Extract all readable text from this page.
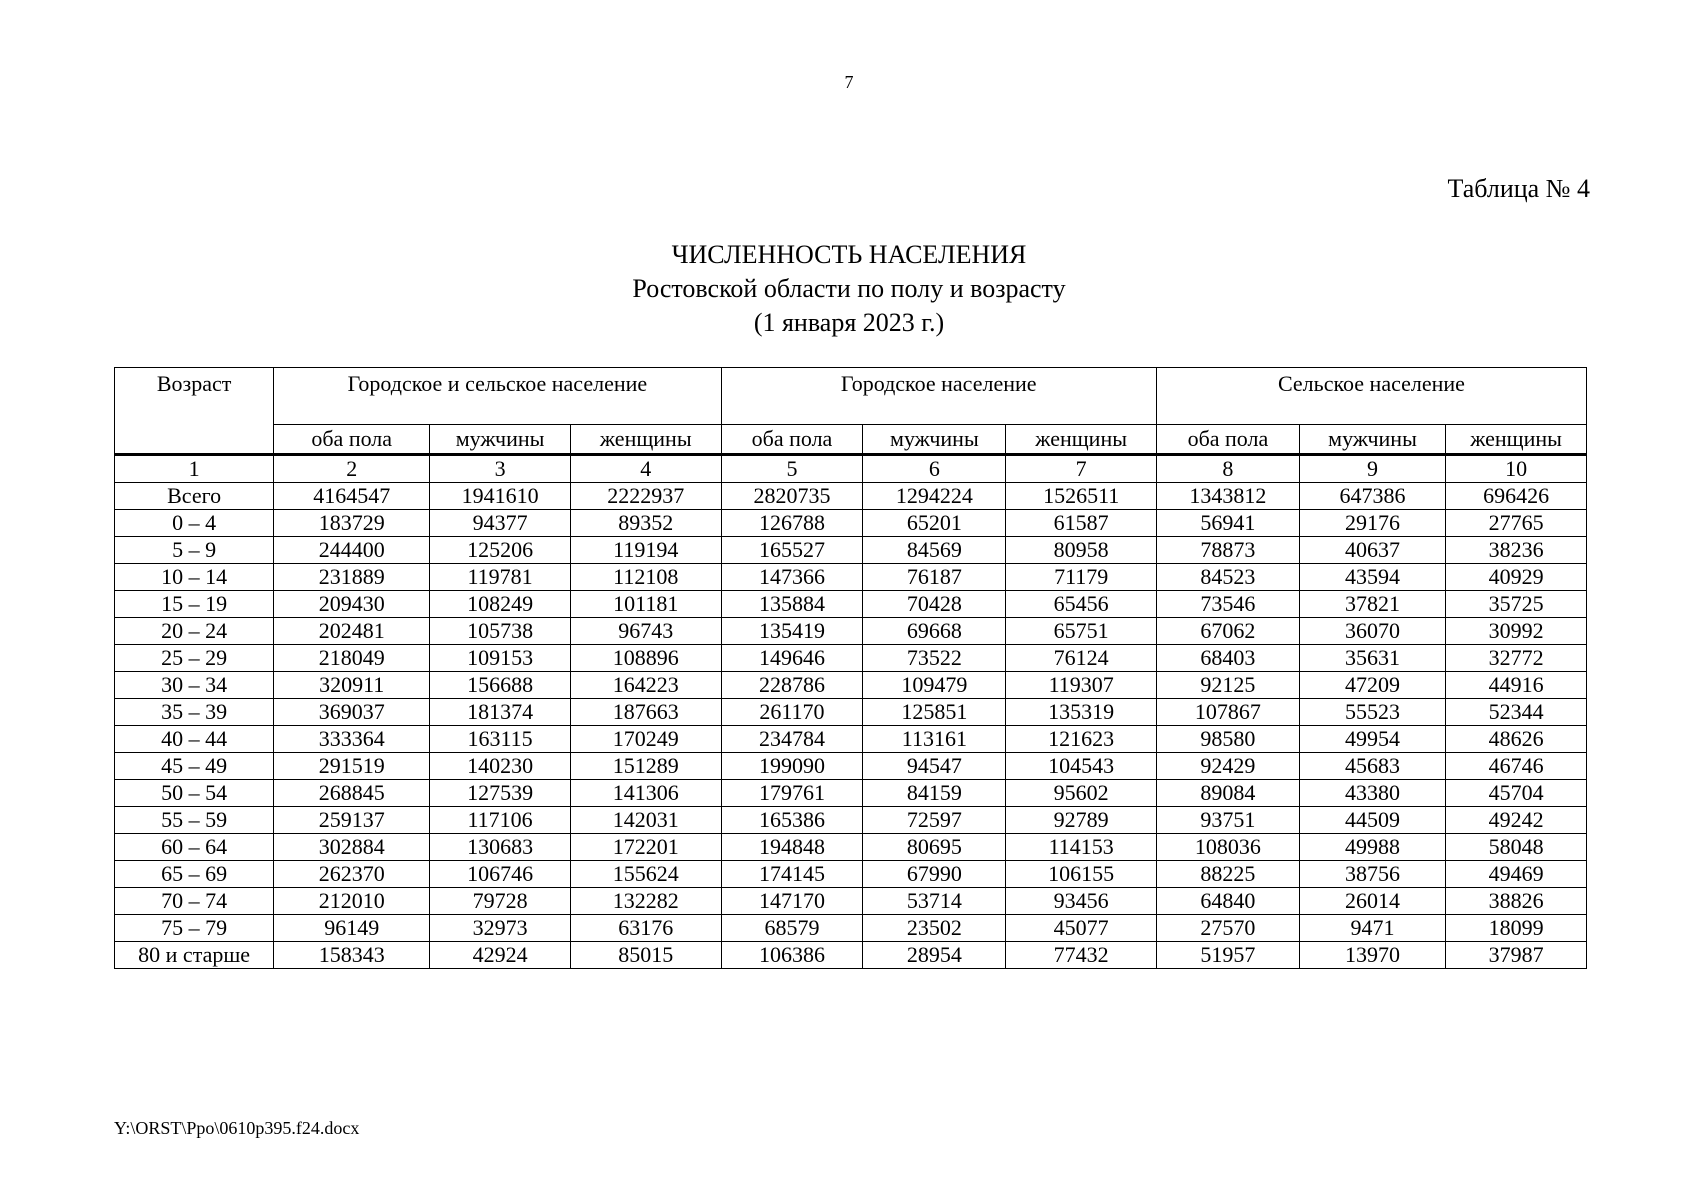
7
Таблица № 4
ЧИСЛЕННОСТЬ НАСЕЛЕНИЯ
Ростовской области по полу и возрасту
(1 января 2023 г.)
Возраст	Городское и сельское население			Городское население			Сельское население		
	оба пола	мужчины	женщины	оба пола	мужчины	женщины	оба пола	мужчины	женщины
1	2	3	4	5	6	7	8	9	10
Всего	4164547	1941610	2222937	2820735	1294224	1526511	1343812	647386	696426
0 – 4	183729	94377	89352	126788	65201	61587	56941	29176	27765
5 – 9	244400	125206	119194	165527	84569	80958	78873	40637	38236
10 – 14	231889	119781	112108	147366	76187	71179	84523	43594	40929
15 – 19	209430	108249	101181	135884	70428	65456	73546	37821	35725
20 – 24	202481	105738	96743	135419	69668	65751	67062	36070	30992
25 – 29	218049	109153	108896	149646	73522	76124	68403	35631	32772
30 – 34	320911	156688	164223	228786	109479	119307	92125	47209	44916
35 – 39	369037	181374	187663	261170	125851	135319	107867	55523	52344
40 – 44	333364	163115	170249	234784	113161	121623	98580	49954	48626
45 – 49	291519	140230	151289	199090	94547	104543	92429	45683	46746
50 – 54	268845	127539	141306	179761	84159	95602	89084	43380	45704
55 – 59	259137	117106	142031	165386	72597	92789	93751	44509	49242
60 – 64	302884	130683	172201	194848	80695	114153	108036	49988	58048
65 – 69	262370	106746	155624	174145	67990	106155	88225	38756	49469
70 – 74	212010	79728	132282	147170	53714	93456	64840	26014	38826
75 – 79	96149	32973	63176	68579	23502	45077	27570	9471	18099
80 и старше	158343	42924	85015	106386	28954	77432	51957	13970	37987
Y:\ORST\Ppo\0610p395.f24.docx
